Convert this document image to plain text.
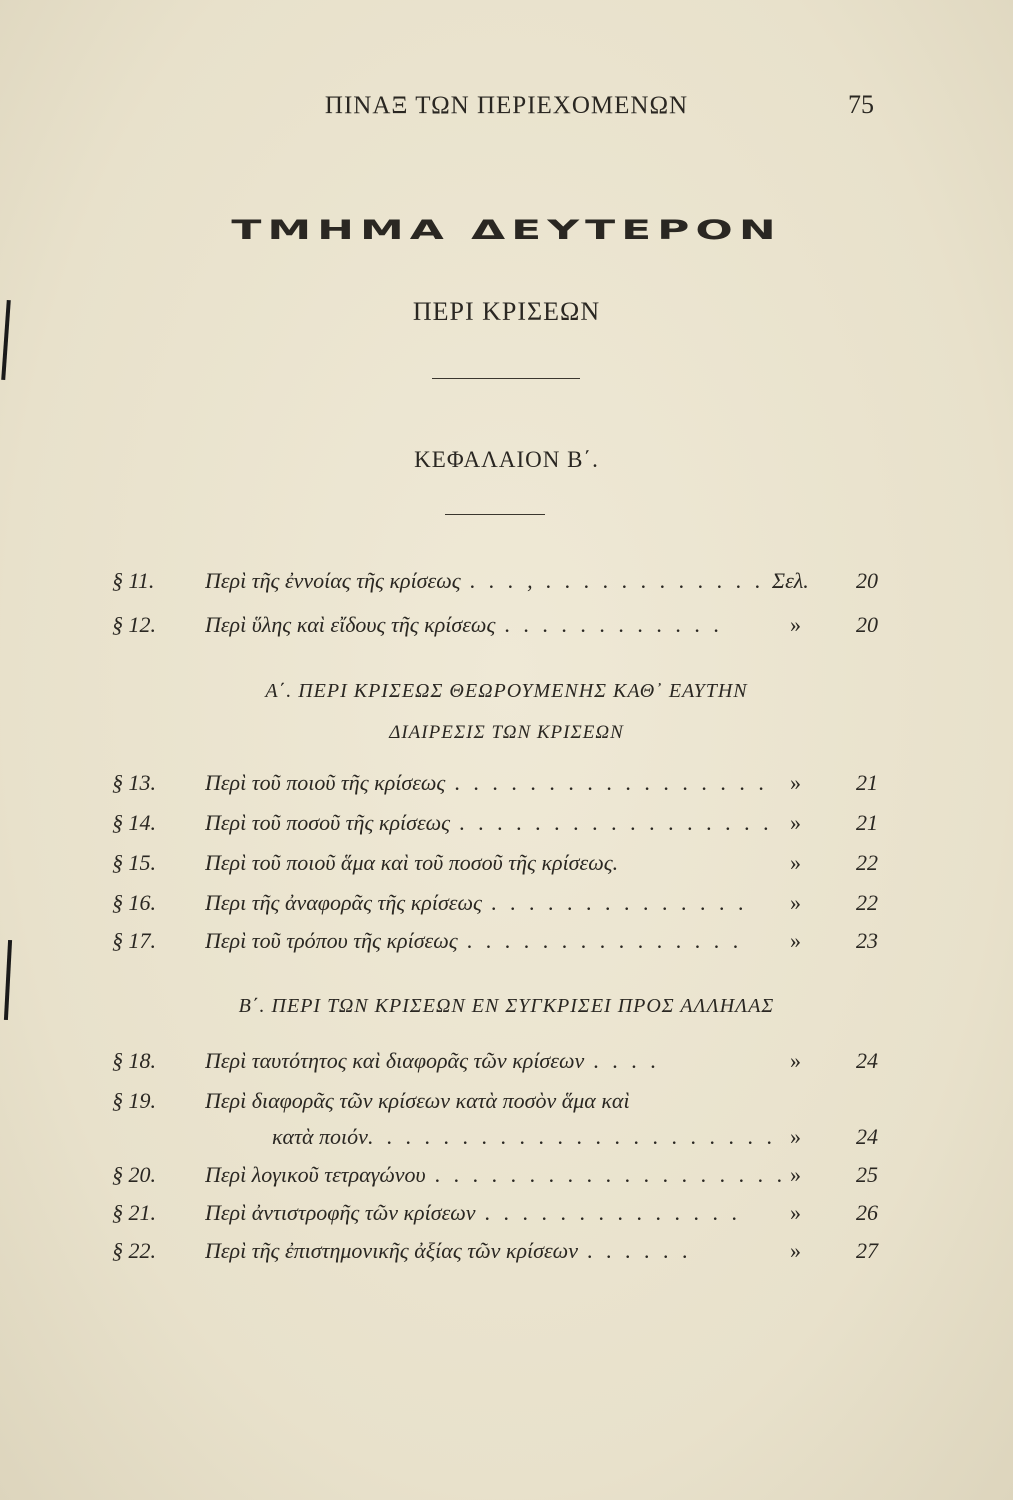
ΠΙΝΑΞ ΤΩΝ ΠΕΡΙΕΧΟΜΕΝΩΝ	75
ΤΜΗΜΑ ΔΕΥΤΕΡΟΝ
ΠΕΡΙ ΚΡΙΣΕΩΝ
ΚΕΦΑΛΑΙΟΝ Β΄.
§ 11. Περὶ τῆς ἐννοίας τῆς κρίσεως . . . , . . . . . . . . . . . . Σελ. 20
§ 12. Περὶ ὕλης καὶ εἴδους τῆς κρίσεως . . . . . . . . . . . .	»	20
Α΄. ΠΕΡΙ ΚΡΙΣΕΩΣ ΘΕΩΡΟΥΜΕΝΗΣ ΚΑΘ᾿ ΕΑΥΤΗΝ
ΔΙΑΙΡΕΣΙΣ ΤΩΝ ΚΡΙΣΕΩΝ
§ 13. Περὶ τοῦ ποιοῦ τῆς κρίσεως . . . . . . . . . . . . . . . . . »	21
§ 14. Περὶ τοῦ ποσοῦ τῆς κρίσεως . . . . . . . . . . . . . . . . . »	21
§ 15. Περὶ τοῦ ποιοῦ ἅμα καὶ τοῦ ποσοῦ τῆς κρίσεως.	»	22
§ 16. Περι τῆς ἀναφορᾶς τῆς κρίσεως . . . . . . . . . . . . . .	»	22
§ 17. Περὶ τοῦ τρόπου τῆς κρίσεως . . . . . . . . . . . . . . .	»	23
Β΄. ΠΕΡΙ ΤΩΝ ΚΡΙΣΕΩΝ ΕΝ ΣΥΓΚΡΙΣΕΙ ΠΡΟΣ ΑΛΛΗΛΑΣ
§ 18. Περὶ ταυτότητος καὶ διαφορᾶς τῶν κρίσεων . . . .	»	24
§ 19. Περὶ διαφορᾶς τῶν κρίσεων κατὰ ποσὸν ἅμα καὶ
κατὰ ποιόν. . . . . . . . . . . . . . . . . . . . . . »	24
§ 20. Περὶ λογικοῦ τετραγώνου . . . . . . . . . . . . . . . . . . . »	25
§ 21. Περὶ ἀντιστροφῆς τῶν κρίσεων . . . . . . . . . . . . . .	»	26
§ 22. Περὶ τῆς ἐπιστημονικῆς ἀξίας τῶν κρίσεων . . . . . .	»	27
